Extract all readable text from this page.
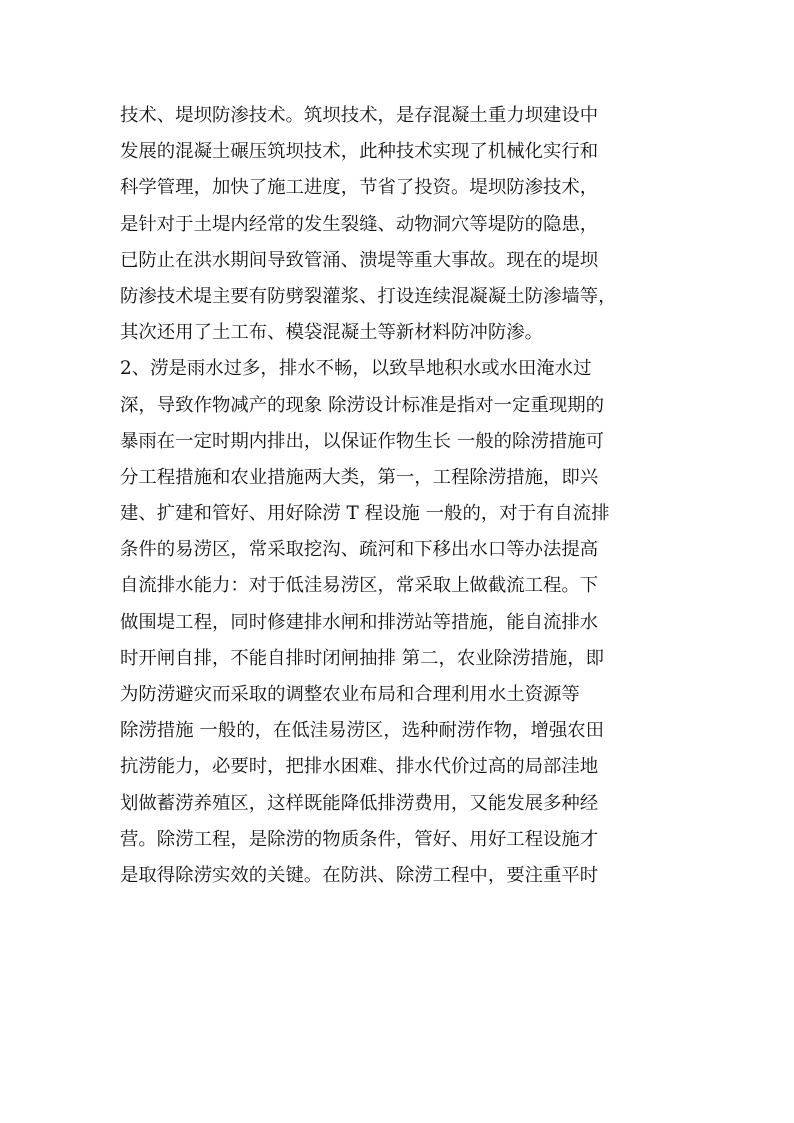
技术、堤坝防渗技术。筑坝技术，是存混凝土重力坝建设中
发展的混凝土碾压筑坝技术，此种技术实现了机械化实行和
科学管理，加快了施工进度，节省了投资。堤坝防渗技术，
是针对于土堤内经常的发生裂缝、动物洞穴等堤防的隐患，
已防止在洪水期间导致管涌、溃堤等重大事故。现在的堤坝
防渗技术堤主要有防劈裂灌浆、打设连续混凝凝土防渗墙等，
其次还用了土工布、模袋混凝土等新材料防冲防渗。
2、涝是雨水过多，排水不畅，以致旱地积水或水田淹水过
深，导致作物减产的现象 除涝设计标准是指对一定重现期的
暴雨在一定时期内排出，以保证作物生长 一般的除涝措施可
分工程措施和农业措施两大类，第一，工程除涝措施，即兴
建、扩建和管好、用好除涝 T 程设施 一般的，对于有自流排
条件的易涝区，常采取挖沟、疏河和下移出水口等办法提高
自流排水能力：对于低洼易涝区，常采取上做截流工程。下
做围堤工程，同时修建排水闸和排涝站等措施，能自流排水
时开闸自排，不能自排时闭闸抽排 第二，农业除涝措施，即
为防涝避灾而采取的调整农业布局和合理利用水土资源等
除涝措施 一般的，在低洼易涝区，选种耐涝作物，增强农田
抗涝能力，必要时，把排水困难、排水代价过高的局部洼地
划做蓄涝养殖区，这样既能降低排涝费用，又能发展多种经
营。除涝工程，是除涝的物质条件，管好、用好工程设施才
是取得除涝实效的关键。在防洪、除涝工程中，要注重平时
